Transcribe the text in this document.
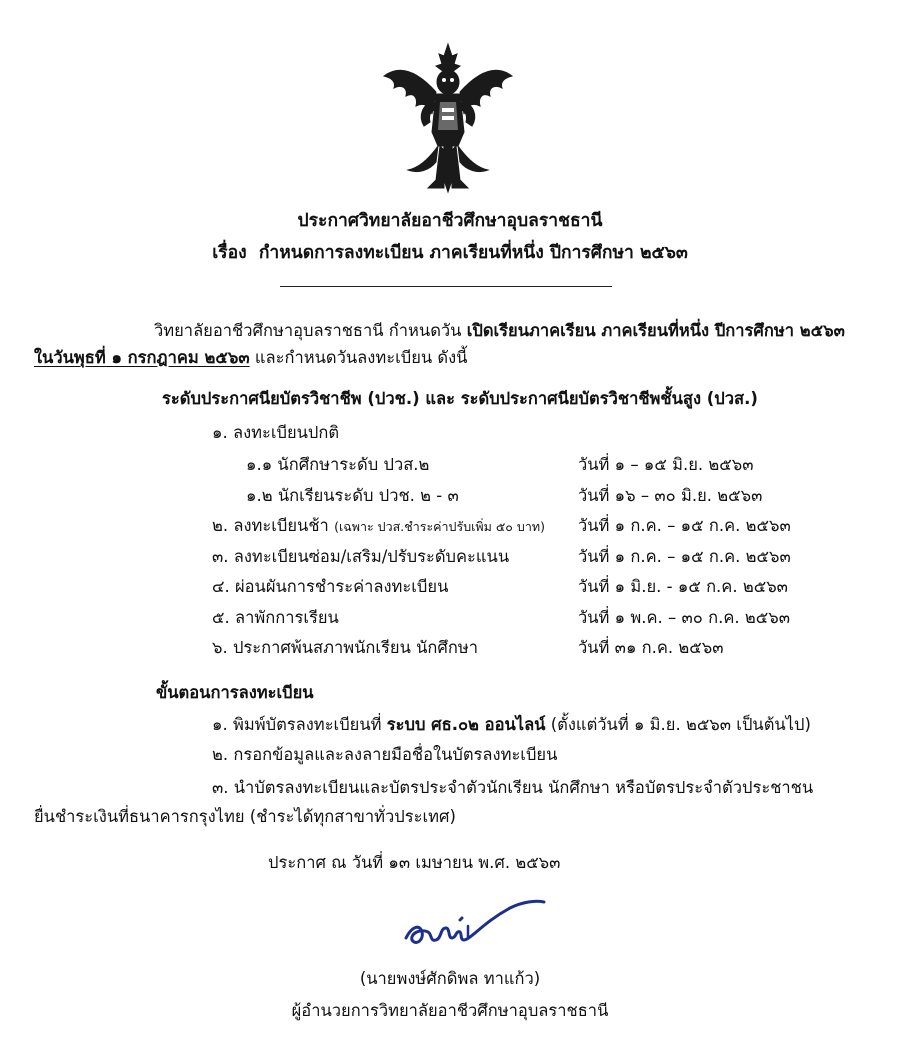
ประกาศวิทยาลัยอาชีวศึกษาอุบลราชธานี
เรื่อง กำหนดการลงทะเบียน ภาคเรียนที่หนึ่ง ปีการศึกษา ๒๕๖๓
วิทยาลัยอาชีวศึกษาอุบลราชธานี กำหนดวัน เปิดเรียนภาคเรียน ภาคเรียนที่หนึ่ง ปีการศึกษา ๒๕๖๓
ในวันพุธที่ ๑ กรกฎาคม ๒๕๖๓ และกำหนดวันลงทะเบียน ดังนี้
ระดับประกาศนียบัตรวิชาชีพ (ปวช.) และ ระดับประกาศนียบัตรวิชาชีพชั้นสูง (ปวส.)
๑. ลงทะเบียนปกติ
๑.๑ นักศึกษาระดับ ปวส.๒	วันที่ ๑ – ๑๕ มิ.ย. ๒๕๖๓
๑.๒ นักเรียนระดับ ปวช. ๒ - ๓	วันที่ ๑๖ – ๓๐ มิ.ย. ๒๕๖๓
๒. ลงทะเบียนช้า (เฉพาะ ปวส.ชำระค่าปรับเพิ่ม ๕๐ บาท) วันที่ ๑ ก.ค. – ๑๕ ก.ค. ๒๕๖๓
๓. ลงทะเบียนซ่อม/เสริม/ปรับระดับคะแนน	วันที่ ๑ ก.ค. – ๑๕ ก.ค. ๒๕๖๓
๔. ผ่อนผันการชำระค่าลงทะเบียน	วันที่ ๑ มิ.ย. - ๑๕ ก.ค. ๒๕๖๓
๕. ลาพักการเรียน	วันที่ ๑ พ.ค. – ๓๐ ก.ค. ๒๕๖๓
๖. ประกาศพ้นสภาพนักเรียน นักศึกษา	วันที่ ๓๑ ก.ค. ๒๕๖๓
ขั้นตอนการลงทะเบียน
๑. พิมพ์บัตรลงทะเบียนที่ ระบบ ศธ.๐๒ ออนไลน์ (ตั้งแต่วันที่ ๑ มิ.ย. ๒๕๖๓ เป็นต้นไป)
๒. กรอกข้อมูลและลงลายมือชื่อในบัตรลงทะเบียน
๓. นำบัตรลงทะเบียนและบัตรประจำตัวนักเรียน นักศึกษา หรือบัตรประจำตัวประชาชน
ยื่นชำระเงินที่ธนาคารกรุงไทย (ชำระได้ทุกสาขาทั่วประเทศ)
ประกาศ ณ วันที่ ๑๓ เมษายน พ.ศ. ๒๕๖๓
(นายพงษ์ศักดิพล ทาแก้ว)
ผู้อำนวยการวิทยาลัยอาชีวศึกษาอุบลราชธานี
